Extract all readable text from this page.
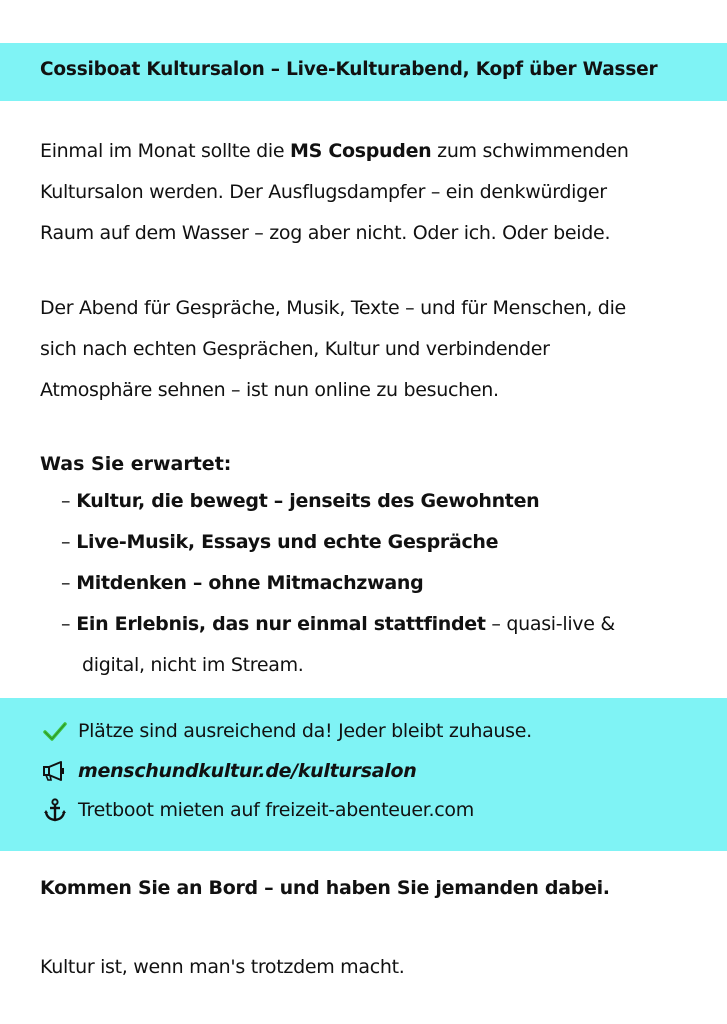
Cossiboat Kultursalon – Live-Kulturabend, Kopf über Wasser
Einmal im Monat sollte die MS Cospuden zum schwimmenden
Kultursalon werden. Der Ausflugsdampfer – ein denkwürdiger
Raum auf dem Wasser – zog aber nicht. Oder ich. Oder beide.
Der Abend für Gespräche, Musik, Texte – und für Menschen, die
sich nach echten Gesprächen, Kultur und verbindender
Atmosphäre sehnen – ist nun online zu besuchen.
Was Sie erwartet:
– Kultur, die bewegt – jenseits des Gewohnten
– Live-Musik, Essays und echte Gespräche
– Mitdenken – ohne Mitmachzwang
– Ein Erlebnis, das nur einmal stattfindet – quasi-live &
digital, nicht im Stream.
Plätze sind ausreichend da! Jeder bleibt zuhause.
menschundkultur.de/kultursalon
Tretboot mieten auf freizeit-abenteuer.com
Kommen Sie an Bord – und haben Sie jemanden dabei.
Kultur ist, wenn man's trotzdem macht.
